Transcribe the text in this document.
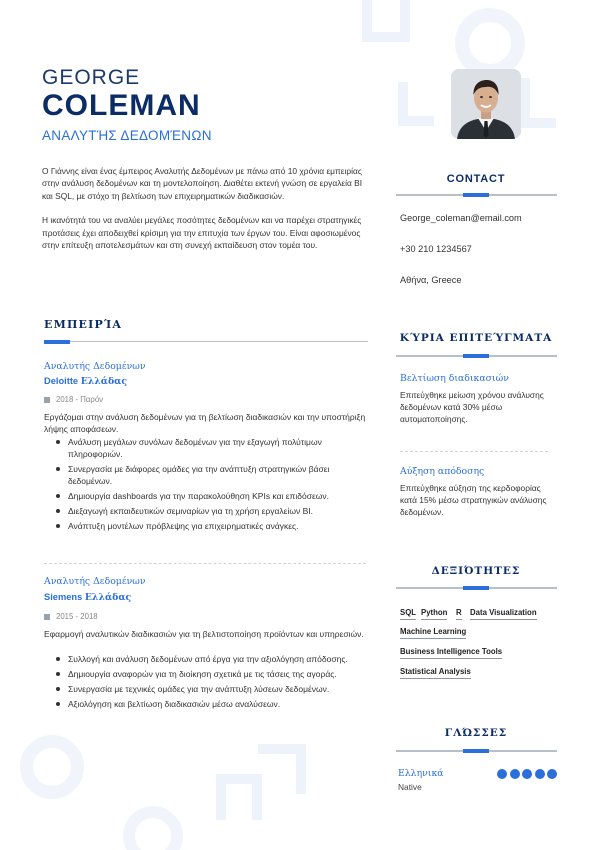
GEORGE
COLEMAN
ΑΝΑΛΥΤΉΣ ΔΕΔΟΜΈΝΩΝ

Ο Γιάννης είναι ένας έμπειρος Αναλυτής Δεδομένων με πάνω από 10 χρόνια εμπειρίας στην ανάλυση δεδομένων και τη μοντελοποίηση. Διαθέτει εκτενή γνώση σε εργαλεία BI και SQL, με στόχο τη βελτίωση των επιχειρηματικών διαδικασιών.

Η ικανότητά του να αναλύει μεγάλες ποσότητες δεδομένων και να παρέχει στρατηγικές προτάσεις έχει αποδειχθεί κρίσιμη για την επιτυχία των έργων του. Είναι αφοσιωμένος στην επίτευξη αποτελεσμάτων και στη συνεχή εκπαίδευση στον τομέα του.

CONTACT
George_coleman@email.com
+30 210 1234567
Αθήνα, Greece
ΕΜΠΕΙΡΊΑ
Αναλυτής Δεδομένων
Deloitte Ελλάδας
2018 - Παρόν
Εργάζομαι στην ανάλυση δεδομένων για τη βελτίωση διαδικασιών και την υποστήριξη λήψης αποφάσεων.
Ανάλυση μεγάλων συνόλων δεδομένων για την εξαγωγή πολύτιμων πληροφοριών.
Συνεργασία με διάφορες ομάδες για την ανάπτυξη στρατηγικών βάσει δεδομένων.
Δημιουργία dashboards για την παρακολούθηση KPIs και επιδόσεων.
Διεξαγωγή εκπαιδευτικών σεμιναρίων για τη χρήση εργαλείων BI.
Ανάπτυξη μοντέλων πρόβλεψης για επιχειρηματικές ανάγκες.
Αναλυτής Δεδομένων
Siemens Ελλάδας
2015 - 2018
Εφαρμογή αναλυτικών διαδικασιών για τη βελτιστοποίηση προϊόντων και υπηρεσιών.
Συλλογή και ανάλυση δεδομένων από έργα για την αξιολόγηση απόδοσης.
Δημιουργία αναφορών για τη διοίκηση σχετικά με τις τάσεις της αγοράς.
Συνεργασία με τεχνικές ομάδες για την ανάπτυξη λύσεων δεδομένων.
Αξιολόγηση και βελτίωση διαδικασιών μέσω αναλύσεων.
ΚΎΡΙΑ ΕΠΙΤΕΎΓΜΑΤΑ
Βελτίωση διαδικασιών
Επιτεύχθηκε μείωση χρόνου ανάλυσης δεδομένων κατά 30% μέσω αυτοματοποίησης.
Αύξηση απόδοσης
Επιτεύχθηκε αύξηση της κερδοφορίας κατά 15% μέσω στρατηγικών ανάλυσης δεδομένων.
ΔΕΞΙΌΤΗΤΕΣ
SQL Python R Data Visualization
Machine Learning
Business Intelligence Tools
Statistical Analysis
ΓΛΏΣΣΕΣ
Ελληνικά
Native
